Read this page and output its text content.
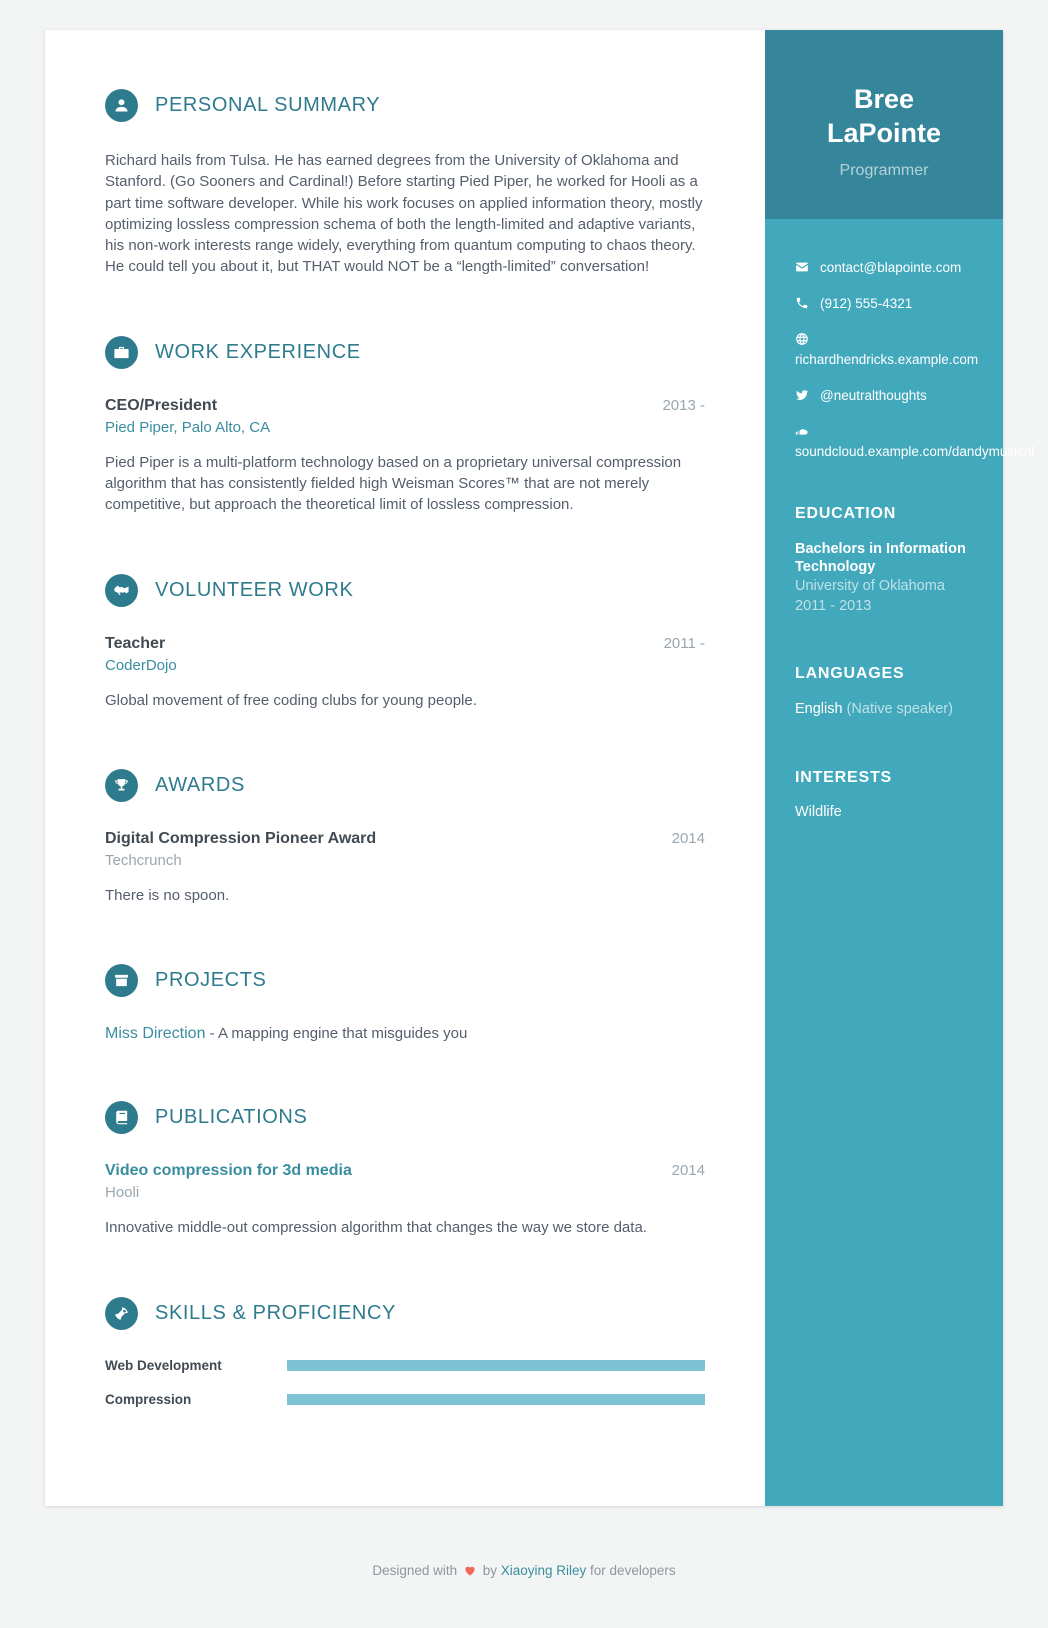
PERSONAL SUMMARY

Richard hails from Tulsa. He has earned degrees from the University of Oklahoma and Stanford. (Go Sooners and Cardinal!) Before starting Pied Piper, he worked for Hooli as a part time software developer. While his work focuses on applied information theory, mostly optimizing lossless compression schema of both the length-limited and adaptive variants, his non-work interests range widely, everything from quantum computing to chaos theory. He could tell you about it, but THAT would NOT be a “length-limited” conversation!

WORK EXPERIENCE
CEO/President	2013 -
Pied Piper, Palo Alto, CA

Pied Piper is a multi-platform technology based on a proprietary universal compression algorithm that has consistently fielded high Weisman Scores™ that are not merely competitive, but approach the theoretical limit of lossless compression.

VOLUNTEER WORK
Teacher	2011 -
CoderDojo

Global movement of free coding clubs for young people.

AWARDS
Digital Compression Pioneer Award	2014
Techcrunch

There is no spoon.

PROJECTS

Miss Direction - A mapping engine that misguides you

PUBLICATIONS
Video compression for 3d media	2014
Hooli

Innovative middle-out compression algorithm that changes the way we store data.

SKILLS & PROFICIENCY
Web Development
Compression
Bree LaPointe
Programmer
contact@blapointe.com
(912) 555-4321
richardhendricks.example.com
@neutralthoughts
soundcloud.example.com/dandymusicnl
EDUCATION
Bachelors in Information Technology
University of Oklahoma
2011 - 2013
LANGUAGES
English (Native speaker)
INTERESTS
Wildlife
Designed with by Xiaoying Riley for developers
